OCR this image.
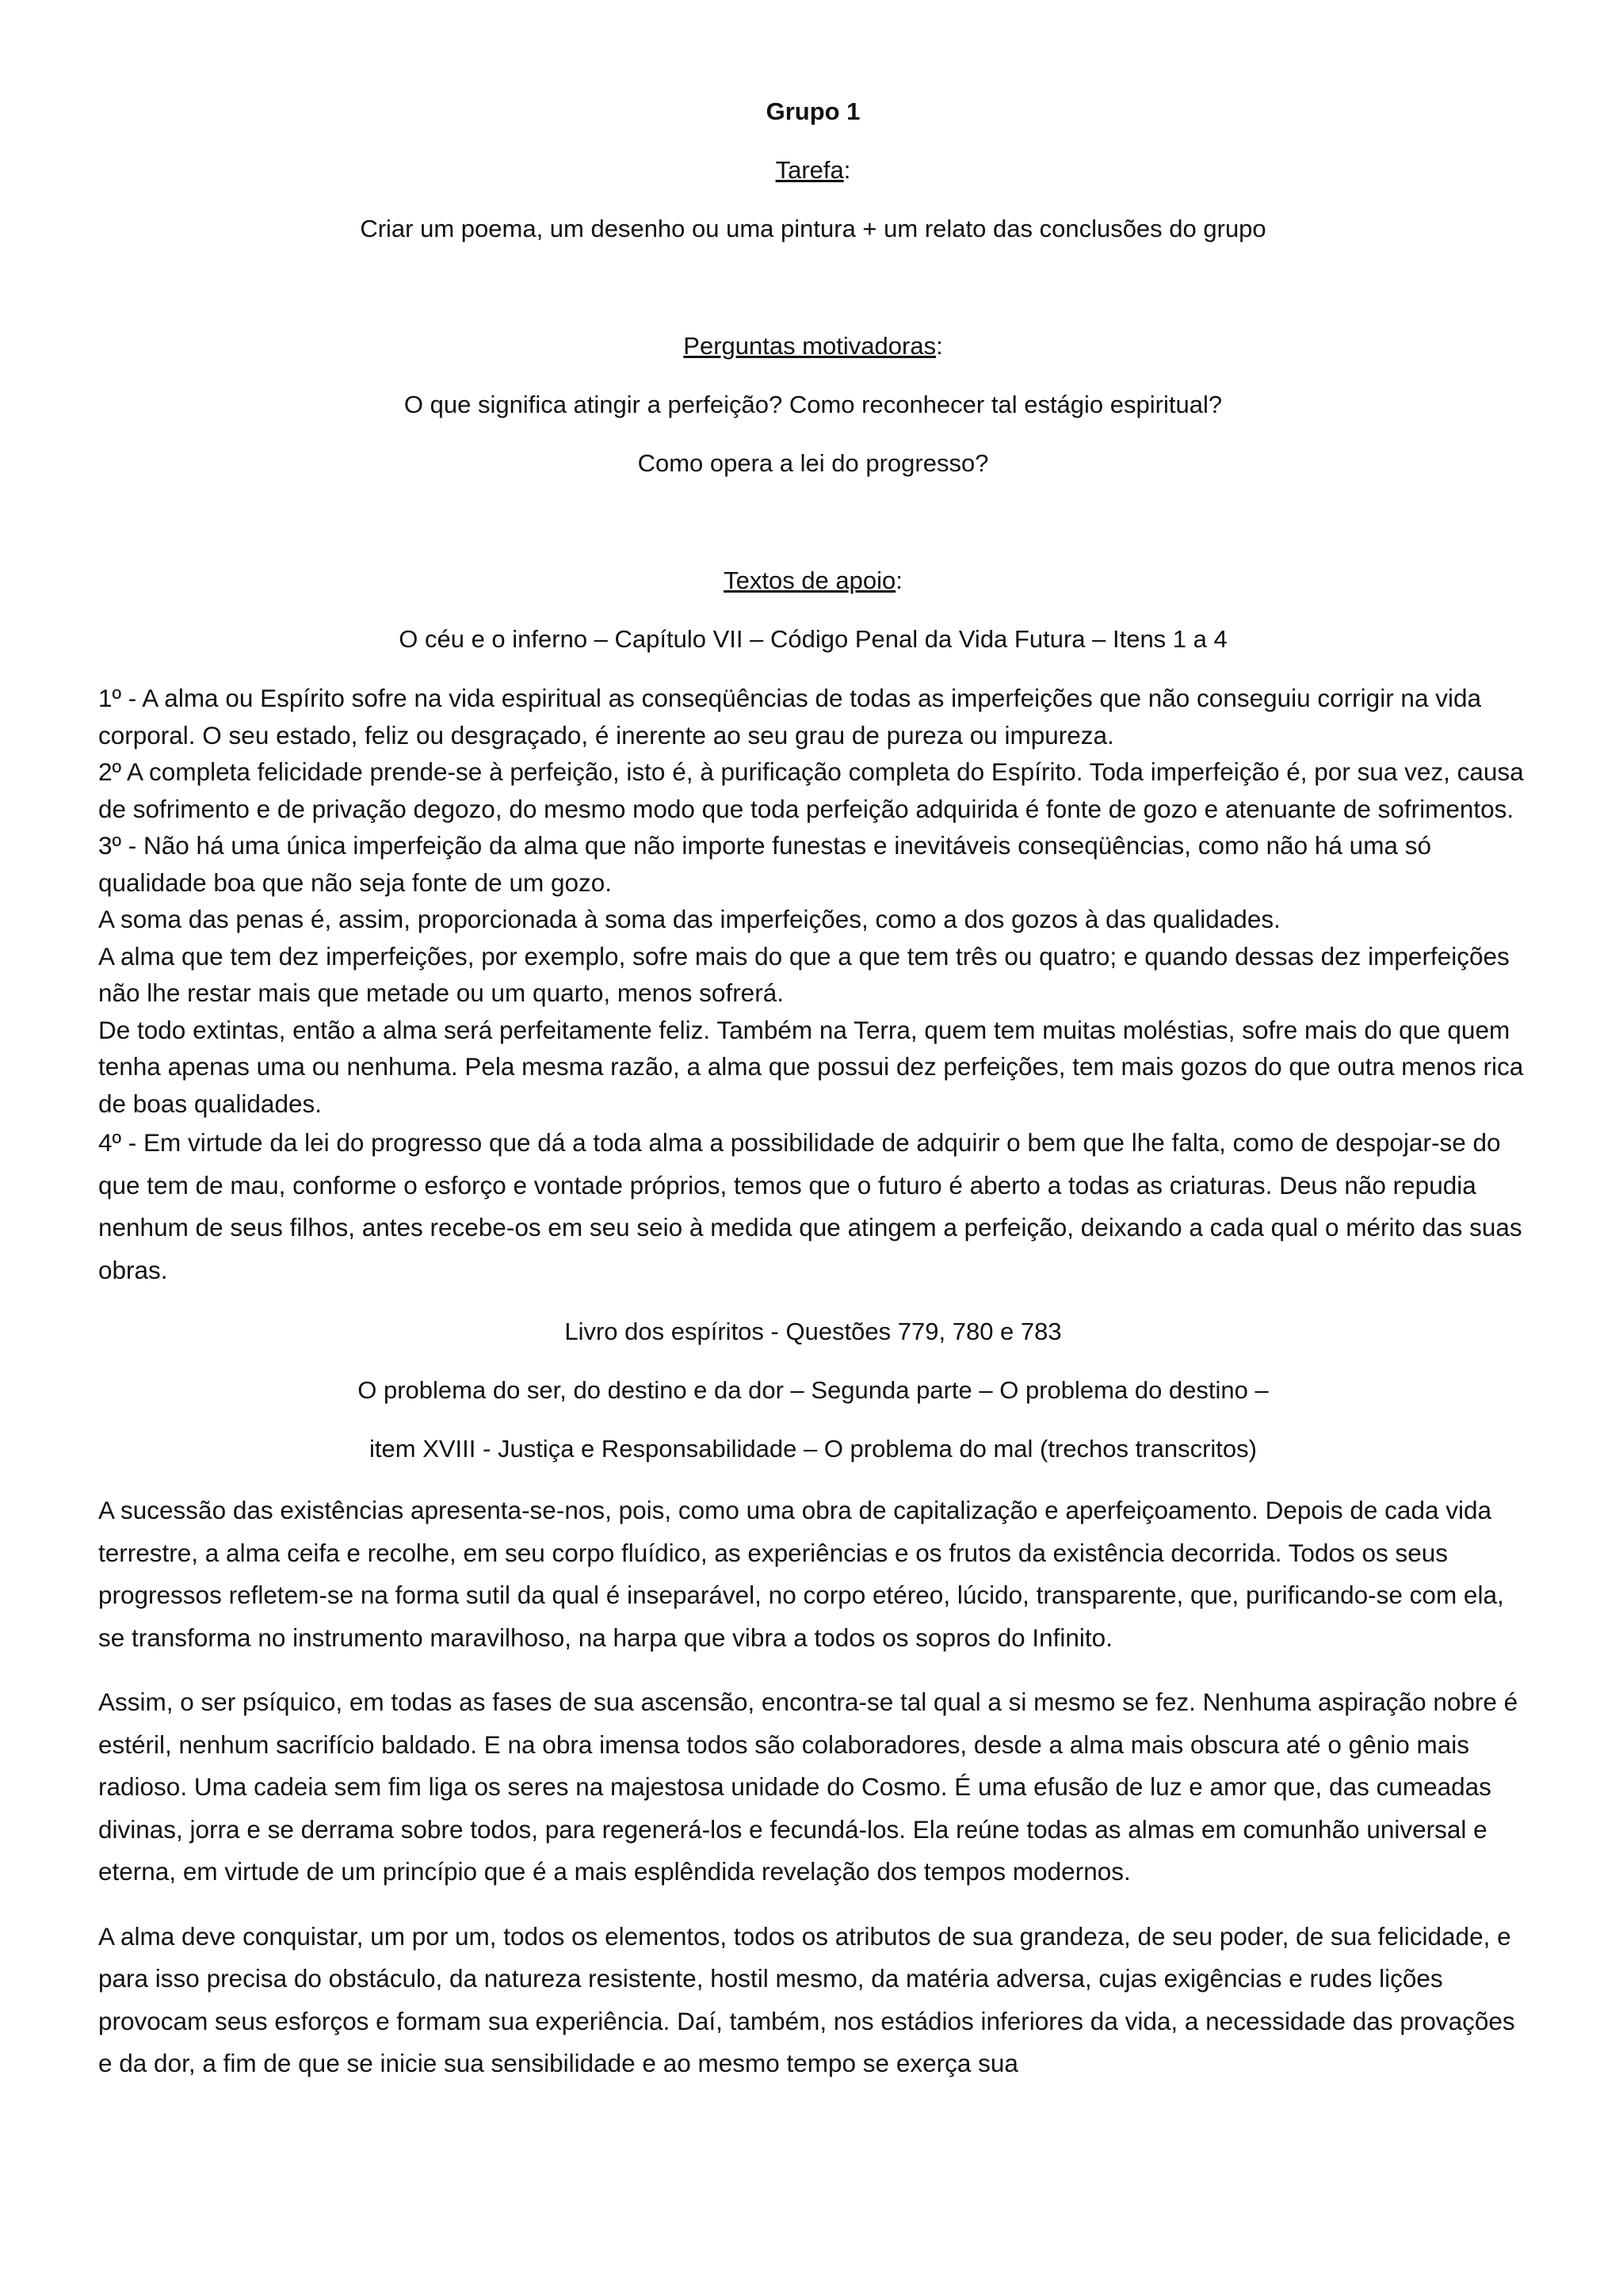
Grupo 1

Tarefa:

Criar um poema, um desenho ou uma pintura + um relato das conclusões do grupo

Perguntas motivadoras:

O que significa atingir a perfeição? Como reconhecer tal estágio espiritual?

Como opera a lei do progresso?

Textos de apoio:

O céu e o inferno – Capítulo VII – Código Penal da Vida Futura – Itens 1 a 4

1º - A alma ou Espírito sofre na vida espiritual as conseqüências de todas as imperfeições que não conseguiu corrigir na vida corporal. O seu estado, feliz ou desgraçado, é inerente ao seu grau de pureza ou impureza.

2º A completa felicidade prende-se à perfeição, isto é, à purificação completa do Espírito. Toda imperfeição é, por sua vez, causa de sofrimento e de privação degozo, do mesmo modo que toda perfeição adquirida é fonte de gozo e atenuante de sofrimentos.

3º - Não há uma única imperfeição da alma que não importe funestas e inevitáveis conseqüências, como não há uma só qualidade boa que não seja fonte de um gozo.

A soma das penas é, assim, proporcionada à soma das imperfeições, como a dos gozos à das qualidades.

A alma que tem dez imperfeições, por exemplo, sofre mais do que a que tem três ou quatro; e quando dessas dez imperfeições não lhe restar mais que metade ou um quarto, menos sofrerá.

De todo extintas, então a alma será perfeitamente feliz. Também na Terra, quem tem muitas moléstias, sofre mais do que quem tenha apenas uma ou nenhuma. Pela mesma razão, a alma que possui dez perfeições, tem mais gozos do que outra menos rica de boas qualidades.

4º - Em virtude da lei do progresso que dá a toda alma a possibilidade de adquirir o bem que lhe falta, como de despojar-se do que tem de mau, conforme o esforço e vontade próprios, temos que o futuro é aberto a todas as criaturas. Deus não repudia nenhum de seus filhos, antes recebe-os em seu seio à medida que atingem a perfeição, deixando a cada qual o mérito das suas obras.

Livro dos espíritos - Questões 779, 780 e 783

O problema do ser, do destino e da dor – Segunda parte – O problema do destino –

item XVIII - Justiça e Responsabilidade – O problema do mal (trechos transcritos)

A sucessão das existências apresenta-se-nos, pois, como uma obra de capitalização e aperfeiçoamento. Depois de cada vida terrestre, a alma ceifa e recolhe, em seu corpo fluídico, as experiências e os frutos da existência decorrida. Todos os seus progressos refletem-se na forma sutil da qual é inseparável, no corpo etéreo, lúcido, transparente, que, purificando-se com ela, se transforma no instrumento maravilhoso, na harpa que vibra a todos os sopros do Infinito.

Assim, o ser psíquico, em todas as fases de sua ascensão, encontra-se tal qual a si mesmo se fez. Nenhuma aspiração nobre é estéril, nenhum sacrifício baldado. E na obra imensa todos são colaboradores, desde a alma mais obscura até o gênio mais radioso. Uma cadeia sem fim liga os seres na majestosa unidade do Cosmo. É uma efusão de luz e amor que, das cumeadas divinas, jorra e se derrama sobre todos, para regenerá-los e fecundá-los. Ela reúne todas as almas em comunhão universal e eterna, em virtude de um princípio que é a mais esplêndida revelação dos tempos modernos.

A alma deve conquistar, um por um, todos os elementos, todos os atributos de sua grandeza, de seu poder, de sua felicidade, e para isso precisa do obstáculo, da natureza resistente, hostil mesmo, da matéria adversa, cujas exigências e rudes lições provocam seus esforços e formam sua experiência. Daí, também, nos estádios inferiores da vida, a necessidade das provações e da dor, a fim de que se inicie sua sensibilidade e ao mesmo tempo se exerça sua
